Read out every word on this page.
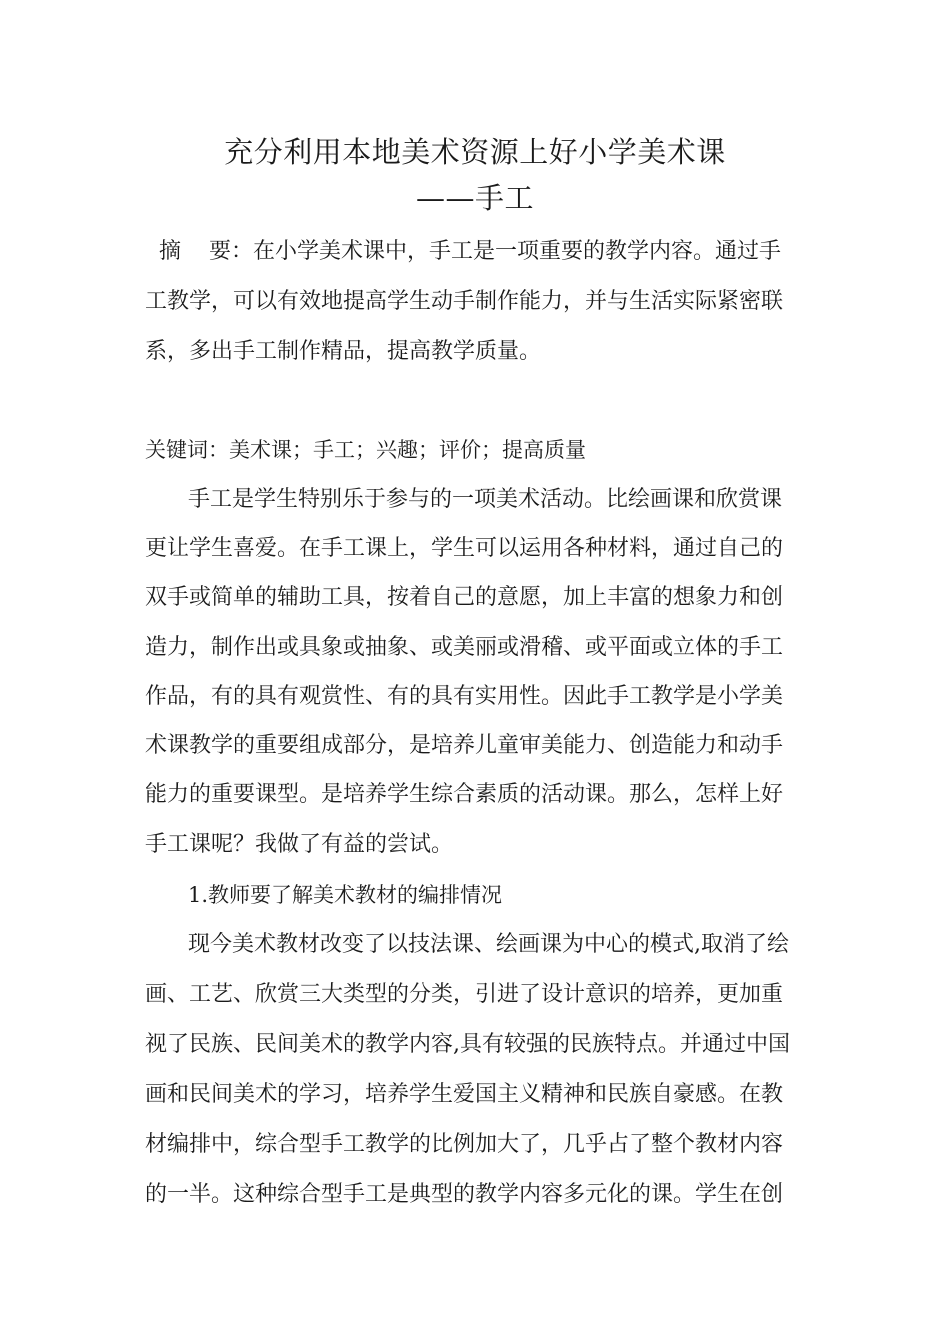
充分利用本地美术资源上好小学美术课
——手工
摘    要：在小学美术课中，手工是一项重要的教学内容。通过手
工教学，可以有效地提高学生动手制作能力，并与生活实际紧密联
系，多出手工制作精品，提高教学质量。
关键词：美术课；手工；兴趣；评价；提高质量
手工是学生特别乐于参与的一项美术活动。比绘画课和欣赏课
更让学生喜爱。在手工课上，学生可以运用各种材料，通过自己的
双手或简单的辅助工具，按着自己的意愿，加上丰富的想象力和创
造力，制作出或具象或抽象、或美丽或滑稽、或平面或立体的手工
作品，有的具有观赏性、有的具有实用性。因此手工教学是小学美
术课教学的重要组成部分，是培养儿童审美能力、创造能力和动手
能力的重要课型。是培养学生综合素质的活动课。那么，怎样上好
手工课呢？我做了有益的尝试。
1.教师要了解美术教材的编排情况
现今美术教材改变了以技法课、绘画课为中心的模式,取消了绘
画、工艺、欣赏三大类型的分类，引进了设计意识的培养，更加重
视了民族、民间美术的教学内容,具有较强的民族特点。并通过中国
画和民间美术的学习，培养学生爱国主义精神和民族自豪感。在教
材编排中，综合型手工教学的比例加大了，几乎占了整个教材内容
的一半。这种综合型手工是典型的教学内容多元化的课。学生在创
